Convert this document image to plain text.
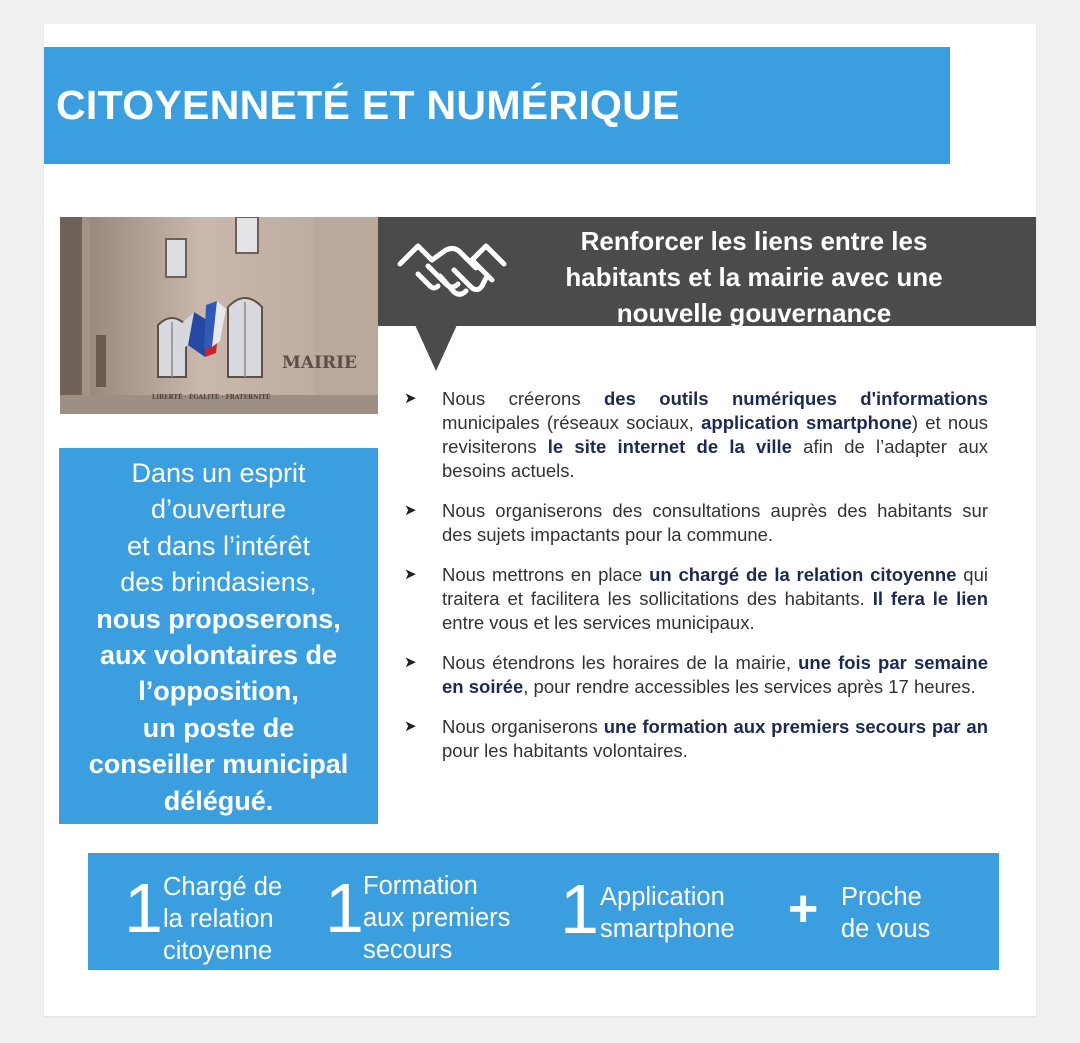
CITOYENNETÉ ET NUMÉRIQUE
MAIRIE
LIBERTÉ · ÉGALITÉ · FRATERNITÉ
Renforcer les liens entre les
habitants et la mairie avec une
nouvelle gouvernance
Dans un esprit
d’ouverture
et dans l’intérêt
des brindasiens,
nous proposerons,
aux volontaires de
l’opposition,
un poste de
conseiller municipal
délégué.
➤ Nous créerons des outils numériques d'informations municipales (réseaux sociaux, application smartphone) et nous revisiterons le site internet de la ville afin de l’adapter aux besoins actuels.
➤ Nous organiserons des consultations auprès des habitants sur des sujets impactants pour la commune.
➤ Nous mettrons en place un chargé de la relation citoyenne qui traitera et facilitera les sollicitations des habitants. Il fera le lien entre vous et les services municipaux.
➤ Nous étendrons les horaires de la mairie, une fois par semaine en soirée, pour rendre accessibles les services après 17 heures.
➤ Nous organiserons une formation aux premiers secours par an pour les habitants volontaires.
1 Chargé de
la relation
citoyenne
1 Formation
aux premiers
secours
1 Application
smartphone + Proche
de vous
